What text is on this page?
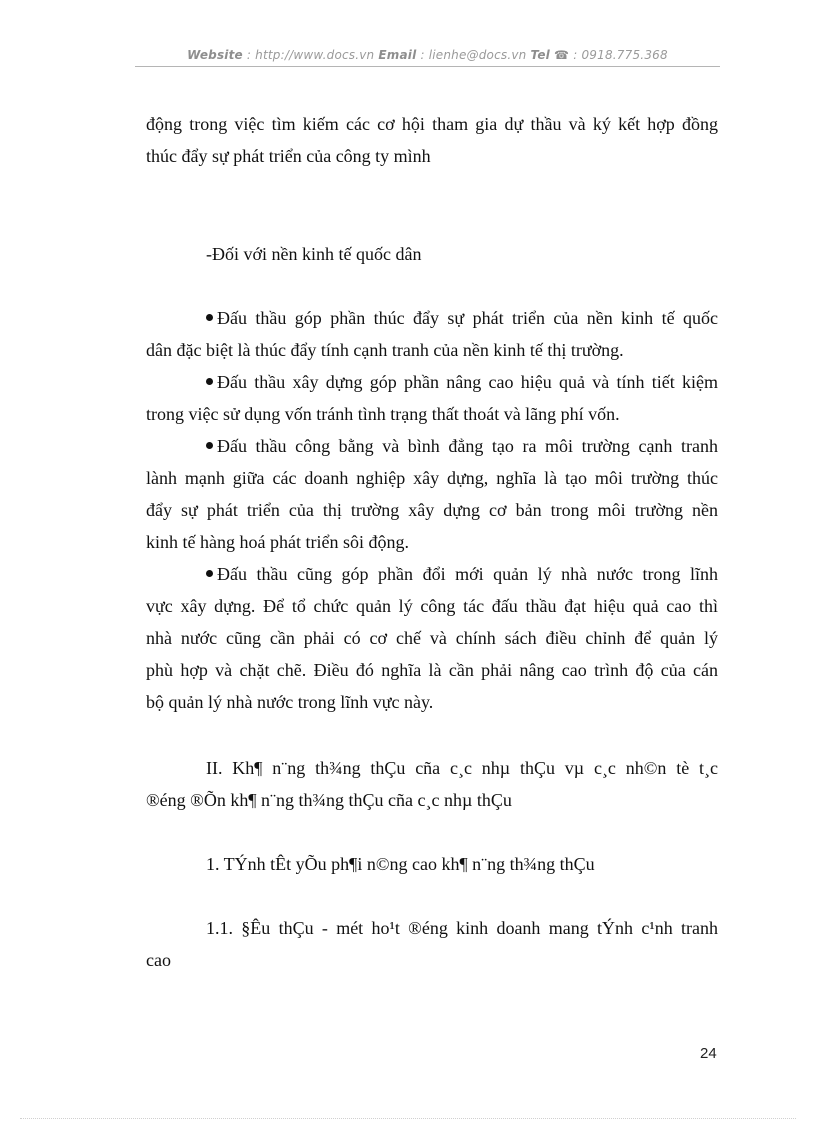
Website : http://www.docs.vn Email : lienhe@docs.vn Tel ☎ : 0918.775.368

động trong việc tìm kiếm các cơ hội tham gia dự thầu và ký kết hợp đồng
thúc đẩy sự phát triển của công ty mình

-Đối với nền kinh tế quốc dân

Đấu thầu góp phần thúc đẩy sự phát triển của nền kinh tế quốc
dân đặc biệt là thúc đẩy tính cạnh tranh của nền kinh tế thị trường.

Đấu thầu xây dựng góp phần nâng cao hiệu quả và tính tiết kiệm
trong việc sử dụng vốn tránh tình trạng thất thoát và lãng phí vốn.

Đấu thầu công bằng và bình đẳng tạo ra môi trường cạnh tranh
lành mạnh giữa các doanh nghiệp xây dựng, nghĩa là tạo môi trường thúc
đẩy sự phát triển của thị trường xây dựng cơ bản trong môi trường nền
kinh tế hàng hoá phát triển sôi động.

Đấu thầu cũng góp phần đổi mới quản lý nhà nước trong lĩnh
vực xây dựng. Để tổ chức quản lý công tác đấu thầu đạt hiệu quả cao thì
nhà nước cũng cần phải có cơ chế và chính sách điều chỉnh để quản lý
phù hợp và chặt chẽ. Điều đó nghĩa là cần phải nâng cao trình độ của cán
bộ quản lý nhà nước trong lĩnh vực này.

II. Kh¶ n¨ng th¾ng thÇu cña c¸c nhµ thÇu vµ c¸c nh©n tè t¸c
®éng ®Õn kh¶ n¨ng th¾ng thÇu cña c¸c nhµ thÇu

1. TÝnh tÊt yÕu ph¶i n©ng cao kh¶ n¨ng th¾ng thÇu

1.1. §Êu thÇu - mét ho¹t ®éng kinh doanh mang tÝnh c¹nh tranh
cao

24
